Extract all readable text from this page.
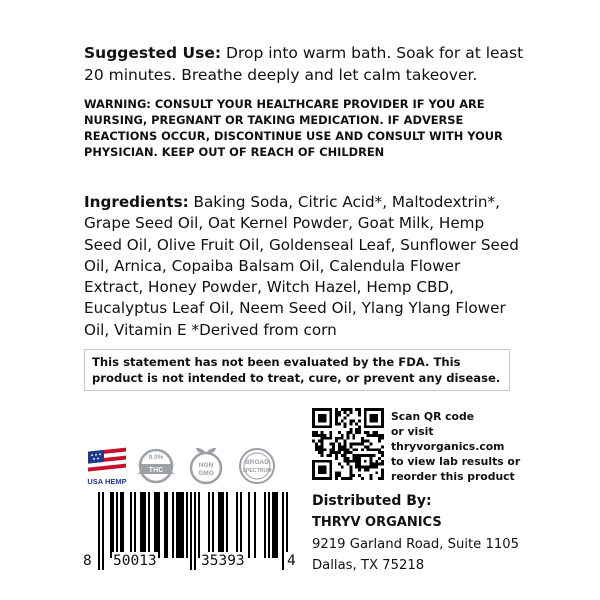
Suggested Use: Drop into warm bath. Soak for at least 20 minutes. Breathe deeply and let calm takeover.
WARNING: CONSULT YOUR HEALTHCARE PROVIDER IF YOU ARE NURSING, PREGNANT OR TAKING MEDICATION. IF ADVERSE REACTIONS OCCUR, DISCONTINUE USE AND CONSULT WITH YOUR PHYSICIAN. KEEP OUT OF REACH OF CHILDREN
Ingredients: Baking Soda, Citric Acid*, Maltodextrin*, Grape Seed Oil, Oat Kernel Powder, Goat Milk, Hemp Seed Oil, Olive Fruit Oil, Goldenseal Leaf, Sunflower Seed Oil, Arnica, Copaiba Balsam Oil, Calendula Flower Extract, Honey Powder, Witch Hazel, Hemp CBD, Eucalyptus Leaf Oil, Neem Seed Oil, Ylang Ylang Flower Oil, Vitamin E *Derived from corn
This statement has not been evaluated by the FDA. This product is not intended to treat, cure, or prevent any disease.
USA HEMP
0.0%
THC
NON
GMO
BROAD
SPECTRUM
Scan QR code
or visit
thryvorganics.com
to view lab results or
reorder this product
Distributed By:
THRYV ORGANICS
9219 Garland Road, Suite 1105
Dallas, TX 75218
8 50013	35393	4
